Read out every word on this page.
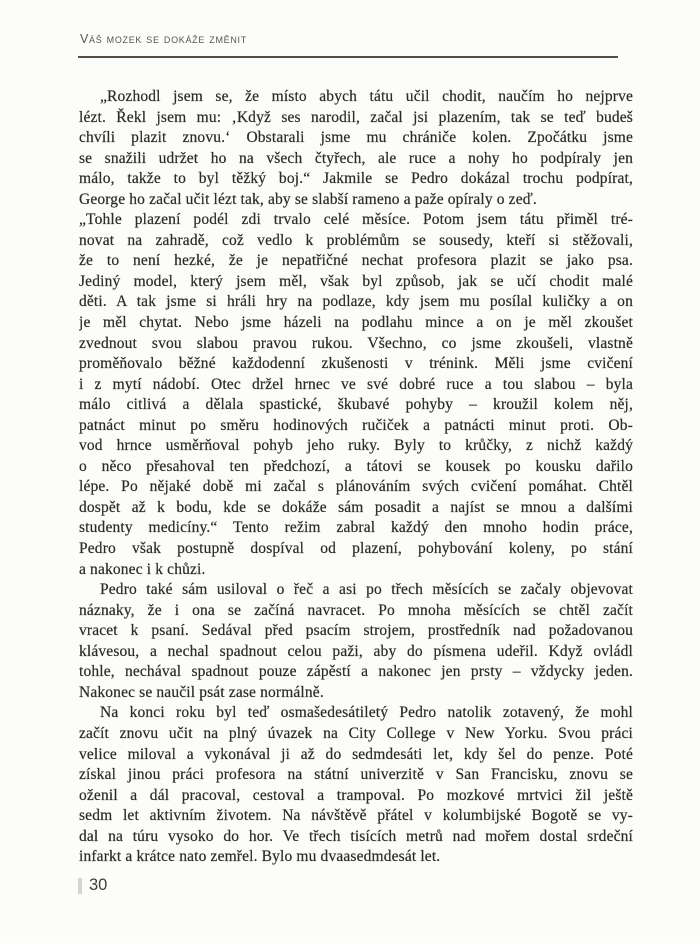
Váš mozek se dokáže změnit
„Rozhodl jsem se, že místo abych tátu učil chodit, naučím ho nejprve
lézt. Řekl jsem mu: ‚Když ses narodil, začal jsi plazením, tak se teď budeš
chvíli plazit znovu.‘ Obstarali jsme mu chrániče kolen. Zpočátku jsme
se snažili udržet ho na všech čtyřech, ale ruce a nohy ho podpíraly jen
málo, takže to byl těžký boj.“ Jakmile se Pedro dokázal trochu podpírat,
George ho začal učit lézt tak, aby se slabší rameno a paže opíraly o zeď.
„Tohle plazení podél zdi trvalo celé měsíce. Potom jsem tátu přiměl tré-
novat na zahradě, což vedlo k problémům se sousedy, kteří si stěžovali,
že to není hezké, že je nepatřičné nechat profesora plazit se jako psa.
Jediný model, který jsem měl, však byl způsob, jak se učí chodit malé
děti. A tak jsme si hráli hry na podlaze, kdy jsem mu posílal kuličky a on
je měl chytat. Nebo jsme házeli na podlahu mince a on je měl zkoušet
zvednout svou slabou pravou rukou. Všechno, co jsme zkoušeli, vlastně
proměňovalo běžné každodenní zkušenosti v trénink. Měli jsme cvičení
i z mytí nádobí. Otec držel hrnec ve své dobré ruce a tou slabou – byla
málo citlivá a dělala spastické, škubavé pohyby – kroužil kolem něj,
patnáct minut po směru hodinových ručiček a patnácti minut proti. Ob-
vod hrnce usměrňoval pohyb jeho ruky. Byly to krůčky, z nichž každý
o něco přesahoval ten předchozí, a tátovi se kousek po kousku dařilo
lépe. Po nějaké době mi začal s plánováním svých cvičení pomáhat. Chtěl
dospět až k bodu, kde se dokáže sám posadit a najíst se mnou a dalšími
studenty medicíny.“ Tento režim zabral každý den mnoho hodin práce,
Pedro však postupně dospíval od plazení, pohybování koleny, po stání
a nakonec i k chůzi.
Pedro také sám usiloval o řeč a asi po třech měsících se začaly objevovat
náznaky, že i ona se začíná navracet. Po mnoha měsících se chtěl začít
vracet k psaní. Sedával před psacím strojem, prostředník nad požadovanou
klávesou, a nechal spadnout celou paži, aby do písmena udeřil. Když ovládl
tohle, nechával spadnout pouze zápěstí a nakonec jen prsty – vždycky jeden.
Nakonec se naučil psát zase normálně.
Na konci roku byl teď osmašedesátiletý Pedro natolik zotavený, že mohl
začít znovu učit na plný úvazek na City College v New Yorku. Svou práci
velice miloval a vykonával ji až do sedmdesáti let, kdy šel do penze. Poté
získal jinou práci profesora na státní univerzitě v San Francisku, znovu se
oženil a dál pracoval, cestoval a trampoval. Po mozkové mrtvici žil ještě
sedm let aktivním životem. Na návštěvě přátel v kolumbijské Bogotě se vy-
dal na túru vysoko do hor. Ve třech tisících metrů nad mořem dostal srdeční
infarkt a krátce nato zemřel. Bylo mu dvaasedmdesát let.
30
